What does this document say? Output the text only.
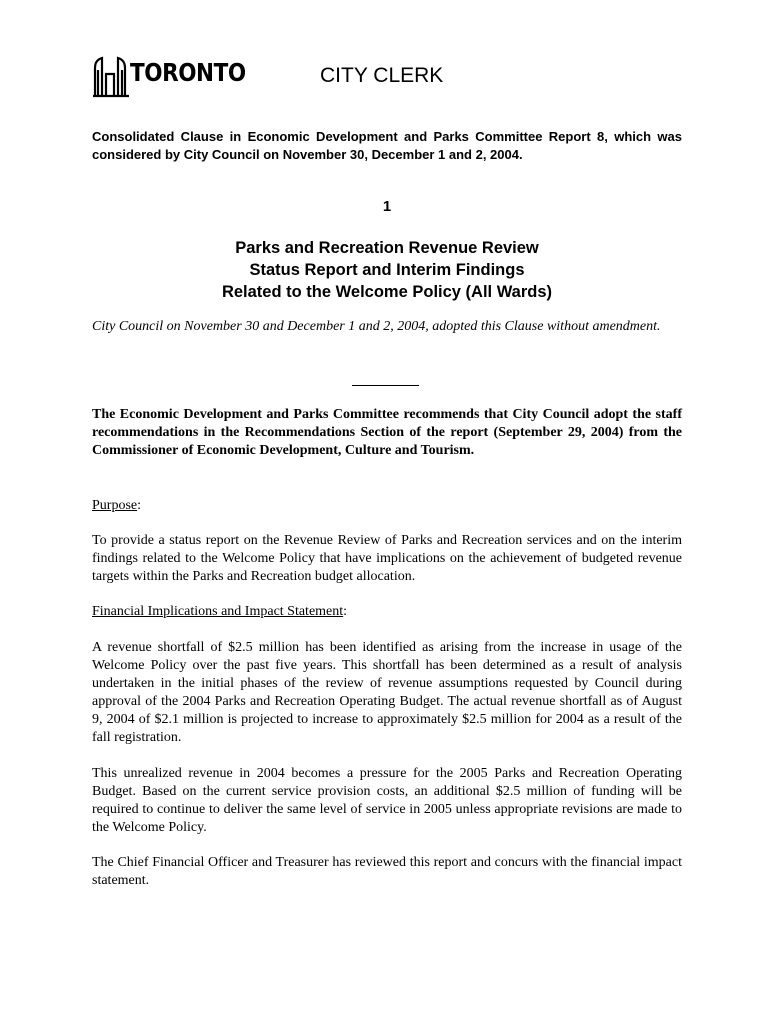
TORONTO	CITY CLERK
Consolidated Clause in Economic Development and Parks Committee Report 8, which was considered by City Council on November 30, December 1 and 2, 2004.
1
Parks and Recreation Revenue Review
Status Report and Interim Findings
Related to the Welcome Policy (All Wards)
City Council on November 30 and December 1 and 2, 2004, adopted this Clause without amendment.
The Economic Development and Parks Committee recommends that City Council adopt the staff recommendations in the Recommendations Section of the report (September 29, 2004) from the Commissioner of Economic Development, Culture and Tourism.
Purpose:
To provide a status report on the Revenue Review of Parks and Recreation services and on the interim findings related to the Welcome Policy that have implications on the achievement of budgeted revenue targets within the Parks and Recreation budget allocation.
Financial Implications and Impact Statement:
A revenue shortfall of $2.5 million has been identified as arising from the increase in usage of the Welcome Policy over the past five years. This shortfall has been determined as a result of analysis undertaken in the initial phases of the review of revenue assumptions requested by Council during approval of the 2004 Parks and Recreation Operating Budget. The actual revenue shortfall as of August 9, 2004 of $2.1 million is projected to increase to approximately $2.5 million for 2004 as a result of the fall registration.
This unrealized revenue in 2004 becomes a pressure for the 2005 Parks and Recreation Operating Budget. Based on the current service provision costs, an additional $2.5 million of funding will be required to continue to deliver the same level of service in 2005 unless appropriate revisions are made to the Welcome Policy.
The Chief Financial Officer and Treasurer has reviewed this report and concurs with the financial impact statement.
